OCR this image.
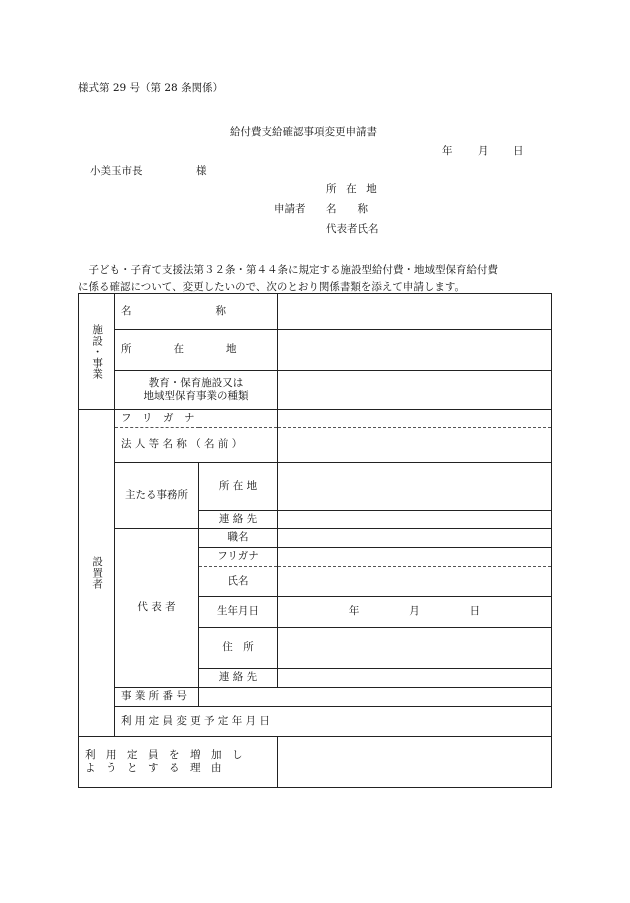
様式第 29 号（第 28 条関係）
給付費支給確認事項変更申請書
年 月 日
小美玉市長	様
所 在 地
申請者 名　　称
代表者氏名
　子ども・子育て支援法第３２条・第４４条に規定する施設型給付費・地域型保育給付費
に係る確認について、変更したいので、次のとおり関係書類を添えて申請します。
施設・事業	名　　　　　　　　称			
	所　　　　在　　　　地			

	教育・保育施設又は
地域型保育事業の種類			

設置者	フ　リ　ガ　ナ			
	法 人 等 名 称 （ 名 前 ）			
	主たる事務所	所 在 地		
		連 絡 先		
	代 表 者	職名		
		フリガナ		
		氏名		
		生年月日	年 月 日	

		住　所		
		連 絡 先		
	事 業 所 番 号			
	利 用 定 員 変 更 予 定 年 月 日	

利　用　定　員　を　増　加　し
よ　う　と　す　る　理　由				
